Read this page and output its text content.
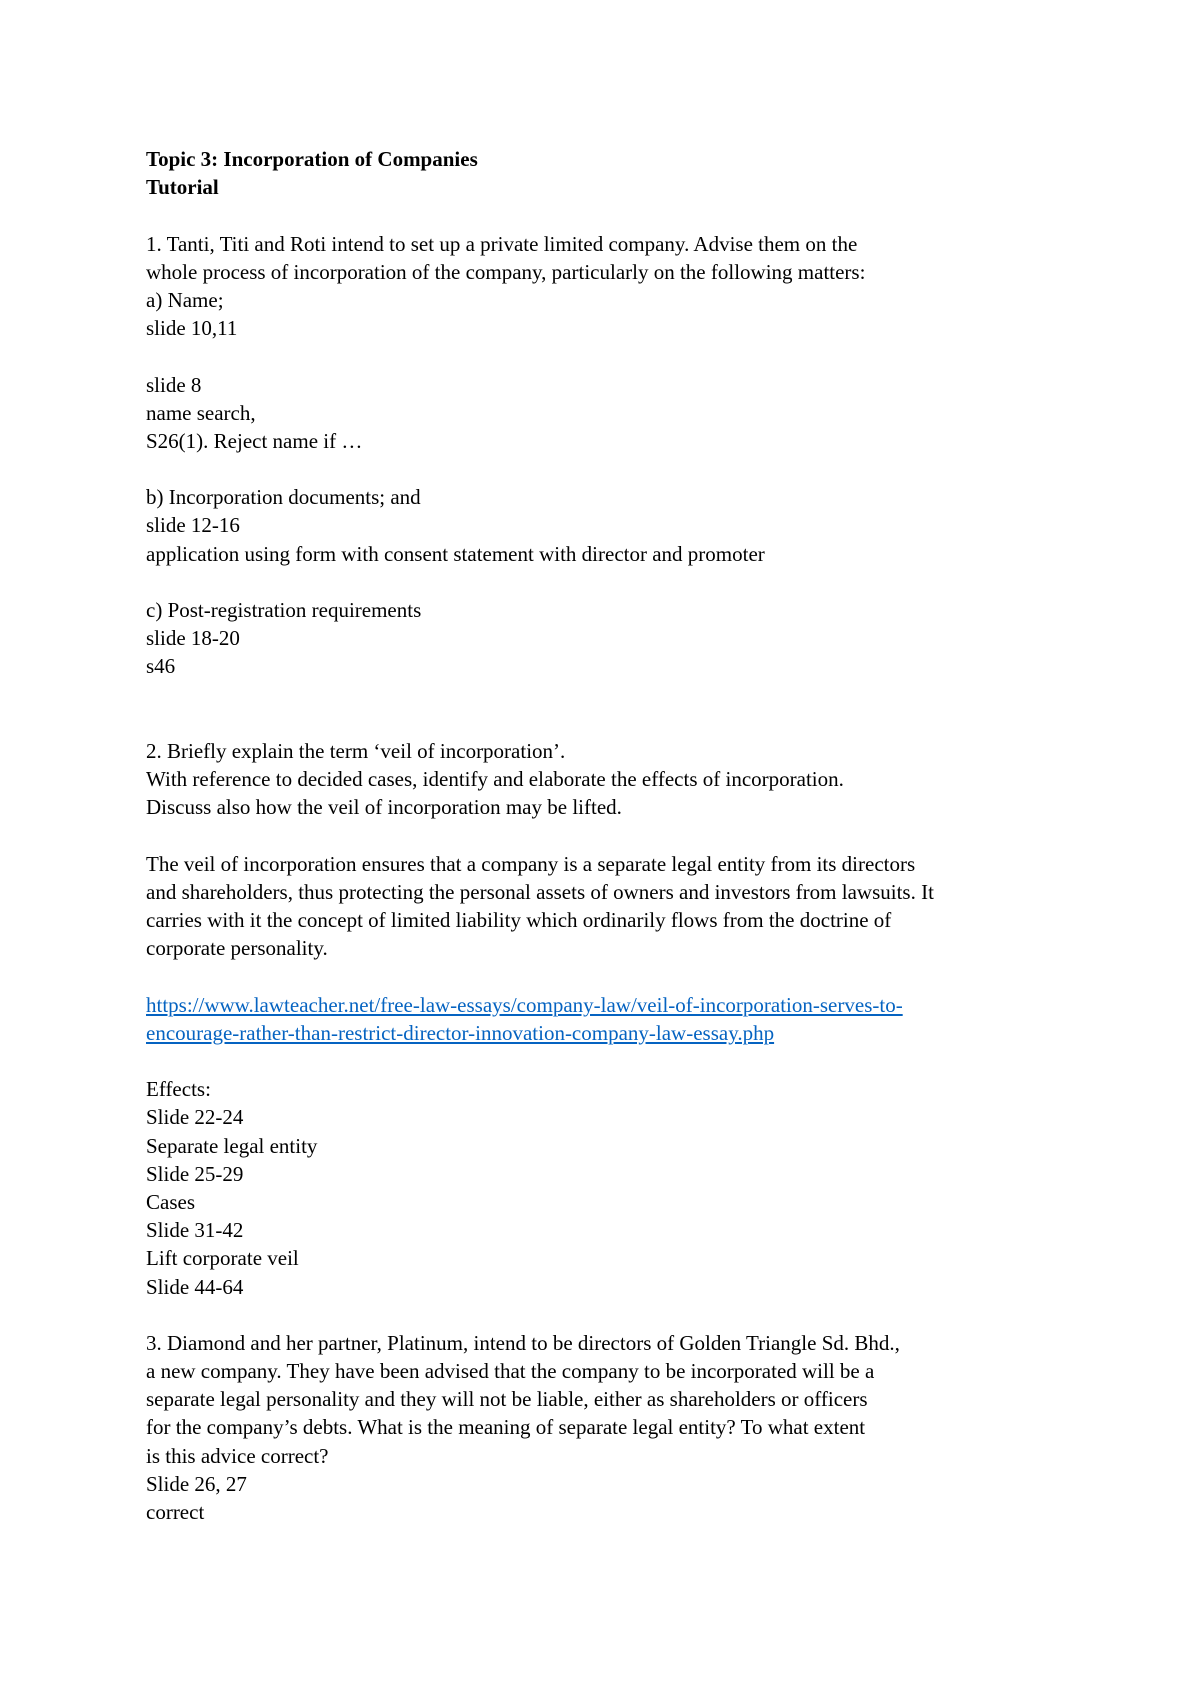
Topic 3: Incorporation of Companies
Tutorial
1. Tanti, Titi and Roti intend to set up a private limited company. Advise them on the
whole process of incorporation of the company, particularly on the following matters:
a) Name;
slide 10,11
slide 8
name search,
S26(1). Reject name if …
b) Incorporation documents; and
slide 12-16
application using form with consent statement with director and promoter
c) Post-registration requirements
slide 18-20
s46
2. Briefly explain the term ‘veil of incorporation’.
With reference to decided cases, identify and elaborate the effects of incorporation.
Discuss also how the veil of incorporation may be lifted.
The veil of incorporation ensures that a company is a separate legal entity from its directors
and shareholders, thus protecting the personal assets of owners and investors from lawsuits. It
carries with it the concept of limited liability which ordinarily flows from the doctrine of
corporate personality.
https://www.lawteacher.net/free-law-essays/company-law/veil-of-incorporation-serves-to-
encourage-rather-than-restrict-director-innovation-company-law-essay.php
Effects:
Slide 22-24
Separate legal entity
Slide 25-29
Cases
Slide 31-42
Lift corporate veil
Slide 44-64
3. Diamond and her partner, Platinum, intend to be directors of Golden Triangle Sd. Bhd.,
a new company. They have been advised that the company to be incorporated will be a
separate legal personality and they will not be liable, either as shareholders or officers
for the company’s debts. What is the meaning of separate legal entity? To what extent
is this advice correct?
Slide 26, 27
correct
